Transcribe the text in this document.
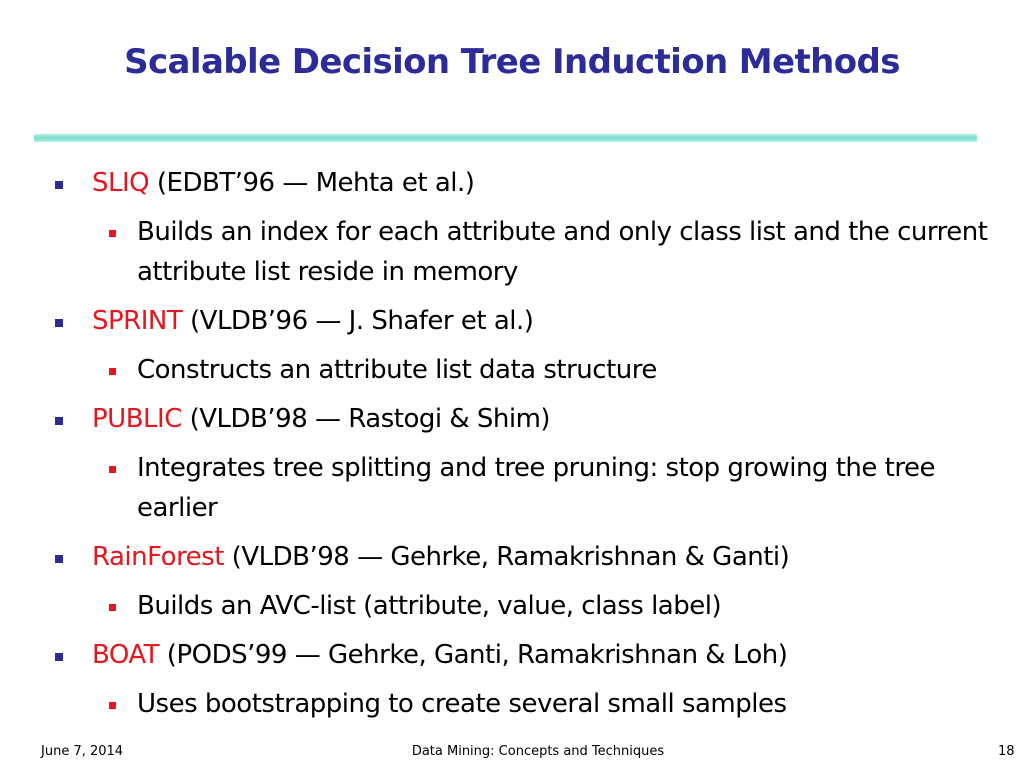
Scalable Decision Tree Induction Methods
SLIQ (EDBT’96 — Mehta et al.)
Builds an index for each attribute and only class list and the current attribute list reside in memory
SPRINT (VLDB’96 — J. Shafer et al.)
Constructs an attribute list data structure
PUBLIC (VLDB’98 — Rastogi & Shim)
Integrates tree splitting and tree pruning: stop growing the tree earlier
RainForest (VLDB’98 — Gehrke, Ramakrishnan & Ganti)
Builds an AVC-list (attribute, value, class label)
BOAT (PODS’99 — Gehrke, Ganti, Ramakrishnan & Loh)
Uses bootstrapping to create several small samples
June 7, 2014	Data Mining: Concepts and Techniques	18
